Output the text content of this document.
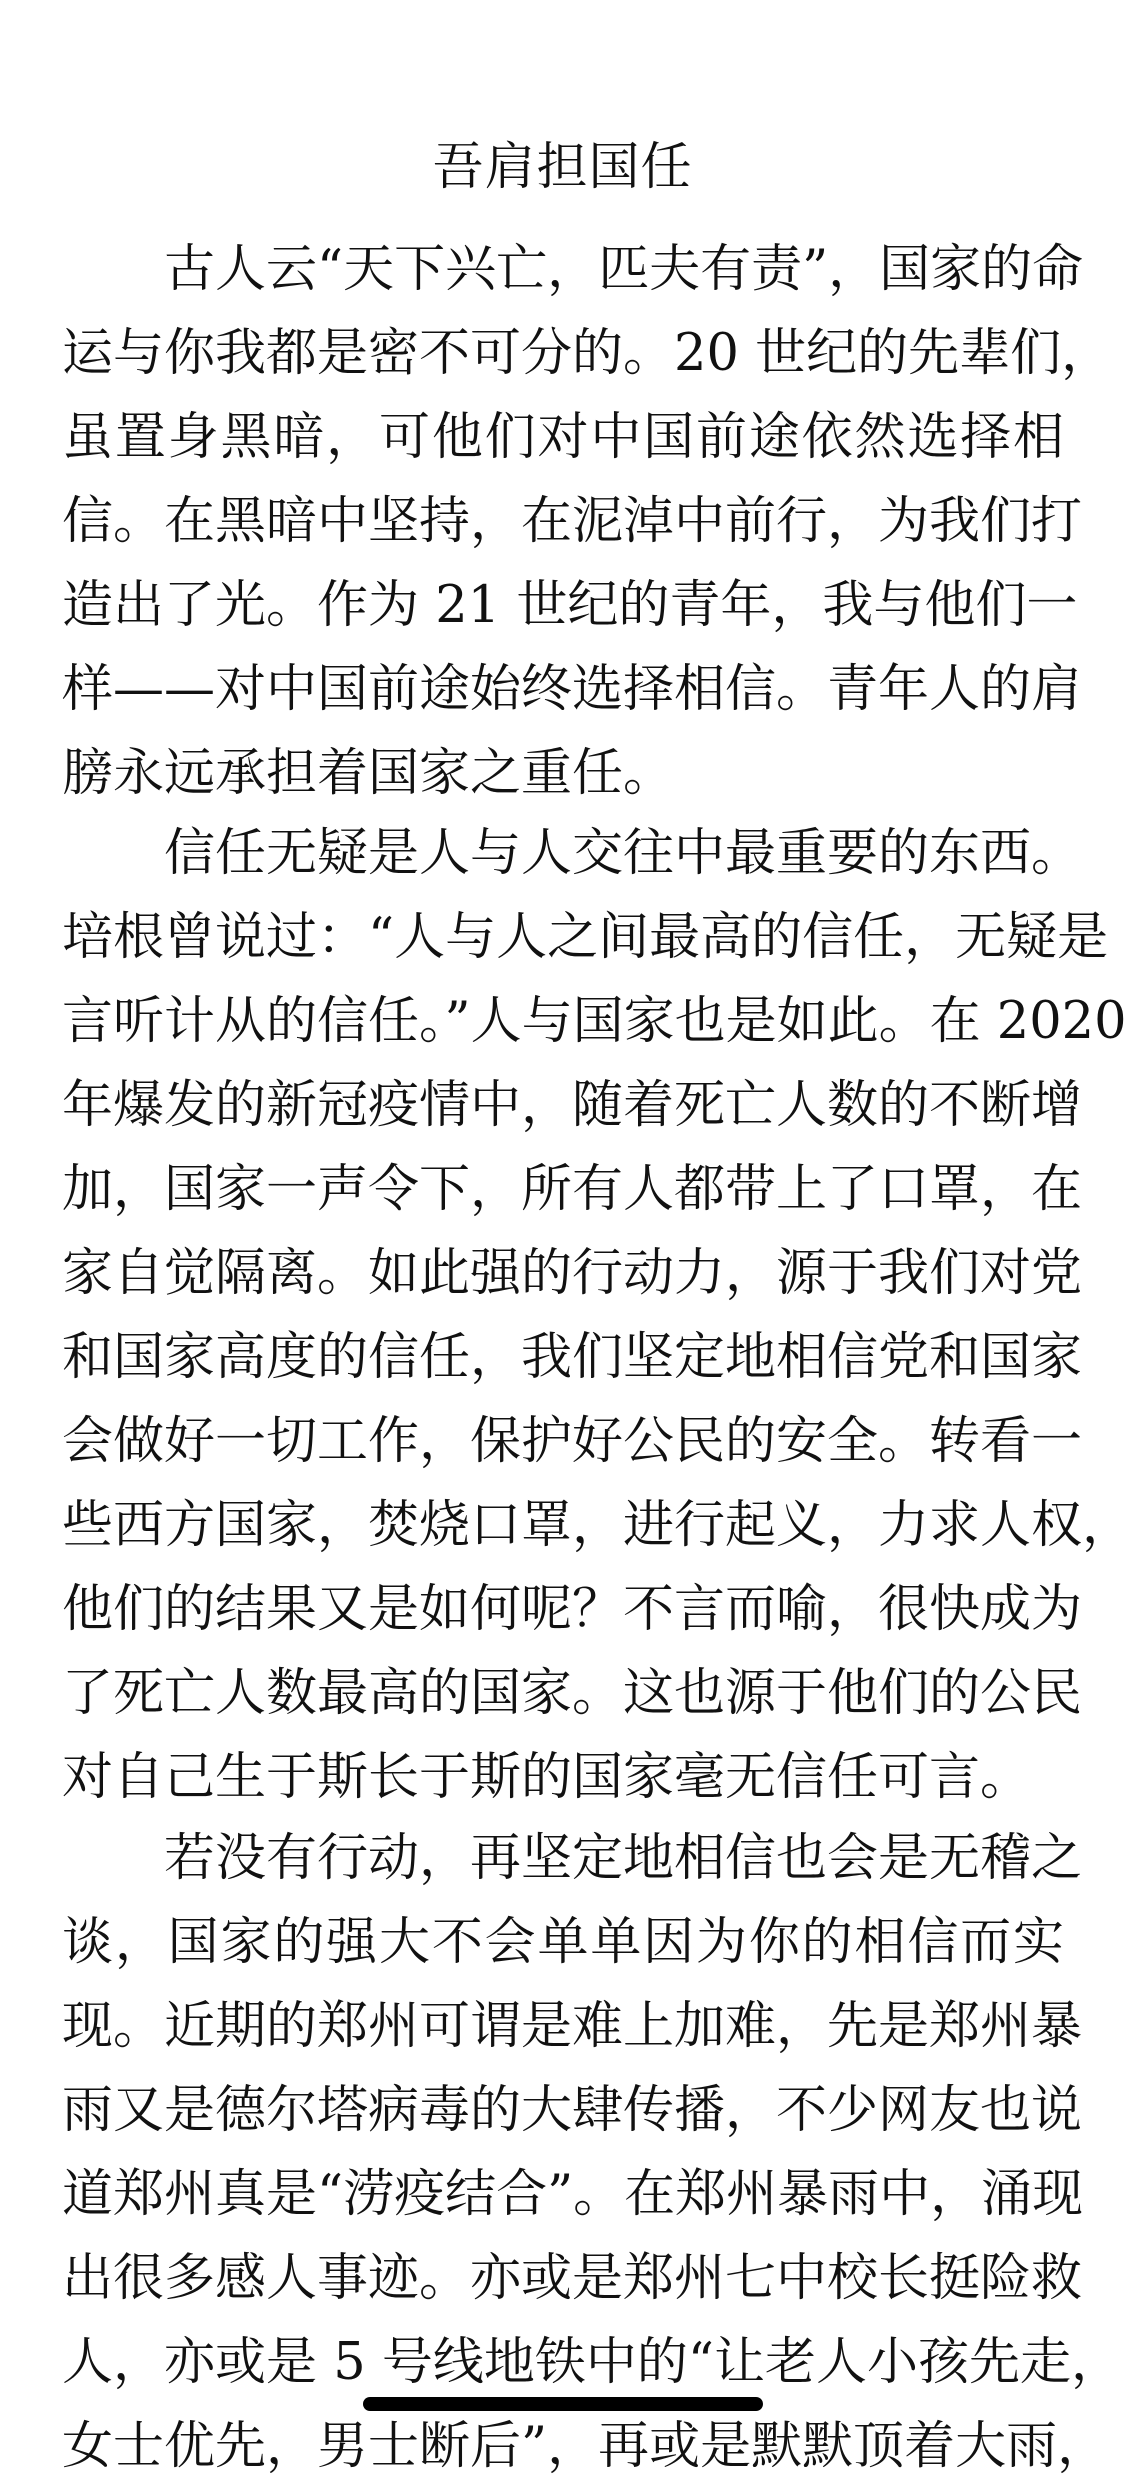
吾肩担国任
古人云“天下兴亡，匹夫有责”，国家的命
运与你我都是密不可分的。20 世纪的先辈们，
虽置身黑暗，可他们对中国前途依然选择相
信。在黑暗中坚持，在泥淖中前行，为我们打
造出了光。作为 21 世纪的青年，我与他们一
样——对中国前途始终选择相信。青年人的肩
膀永远承担着国家之重任。
信任无疑是人与人交往中最重要的东西。
培根曾说过：“人与人之间最高的信任，无疑是
言听计从的信任。”人与国家也是如此。在 2020
年爆发的新冠疫情中，随着死亡人数的不断增
加，国家一声令下，所有人都带上了口罩，在
家自觉隔离。如此强的行动力，源于我们对党
和国家高度的信任，我们坚定地相信党和国家
会做好一切工作，保护好公民的安全。转看一
些西方国家，焚烧口罩，进行起义，力求人权，
他们的结果又是如何呢？不言而喻，很快成为
了死亡人数最高的国家。这也源于他们的公民
对自己生于斯长于斯的国家毫无信任可言。
若没有行动，再坚定地相信也会是无稽之
谈，国家的强大不会单单因为你的相信而实
现。近期的郑州可谓是难上加难，先是郑州暴
雨又是德尔塔病毒的大肆传播，不少网友也说
道郑州真是“涝疫结合”。在郑州暴雨中，涌现
出很多感人事迹。亦或是郑州七中校长挺险救
人，亦或是 5 号线地铁中的“让老人小孩先走，
女士优先，男士断后”，再或是默默顶着大雨，
